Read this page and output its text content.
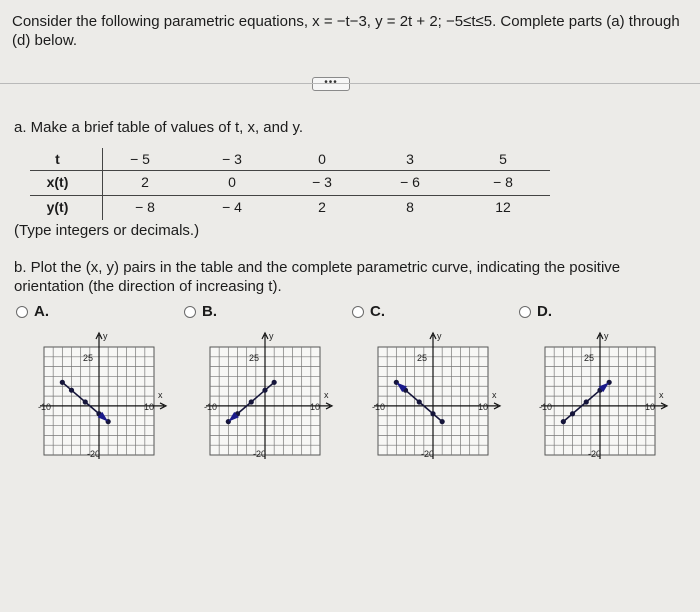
Consider the following parametric equations, x = −t−3, y = 2t + 2; −5≤t≤5. Complete parts (a) through (d) below.
a. Make a brief table of values of t, x, and y.
t	− 5	− 3	0	3	5
x(t)	2	0	− 3	− 6	− 8
y(t)	− 8	− 4	2	8	12
(Type integers or decimals.)
b. Plot the (x, y) pairs in the table and the complete parametric curve, indicating the positive orientation (the direction of increasing t).
A.	B.	C.	D.
y
x
25
-20
-10	10
y
x
25
-20
-10	10
y
x
25
-20
-10	10
y
x
25
-20
-10	10
